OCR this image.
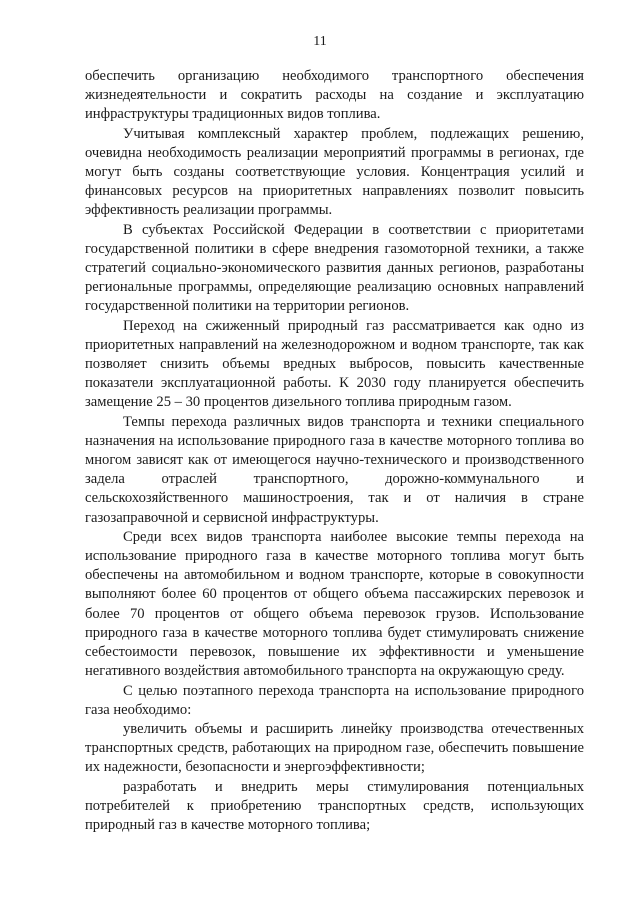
11

обеспечить организацию необходимого транспортного обеспечения жизнедеятельности и сократить расходы на создание и эксплуатацию инфраструктуры традиционных видов топлива.

Учитывая комплексный характер проблем, подлежащих решению, очевидна необходимость реализации мероприятий программы в регионах, где могут быть созданы соответствующие условия. Концентрация усилий и финансовых ресурсов на приоритетных направлениях позволит повысить эффективность реализации программы.

В субъектах Российской Федерации в соответствии с приоритетами государственной политики в сфере внедрения газомоторной техники, а также стратегий социально-экономического развития данных регионов, разработаны региональные программы, определяющие реализацию основных направлений государственной политики на территории регионов.

Переход на сжиженный природный газ рассматривается как одно из приоритетных направлений на железнодорожном и водном транспорте, так как позволяет снизить объемы вредных выбросов, повысить качественные показатели эксплуатационной работы. К 2030 году планируется обеспечить замещение 25 – 30 процентов дизельного топлива природным газом.

Темпы перехода различных видов транспорта и техники специального назначения на использование природного газа в качестве моторного топлива во многом зависят как от имеющегося научно-технического и производственного задела отраслей транспортного, дорожно-коммунального и сельскохозяйственного машиностроения, так и от наличия в стране газозаправочной и сервисной инфраструктуры.

Среди всех видов транспорта наиболее высокие темпы перехода на использование природного газа в качестве моторного топлива могут быть обеспечены на автомобильном и водном транспорте, которые в совокупности выполняют более 60 процентов от общего объема пассажирских перевозок и более 70 процентов от общего объема перевозок грузов. Использование природного газа в качестве моторного топлива будет стимулировать снижение себестоимости перевозок, повышение их эффективности и уменьшение негативного воздействия автомобильного транспорта на окружающую среду.

С целью поэтапного перехода транспорта на использование природного газа необходимо:

увеличить объемы и расширить линейку производства отечественных транспортных средств, работающих на природном газе, обеспечить повышение их надежности, безопасности и энергоэффективности;

разработать и внедрить меры стимулирования потенциальных потребителей к приобретению транспортных средств, использующих природный газ в качестве моторного топлива;
